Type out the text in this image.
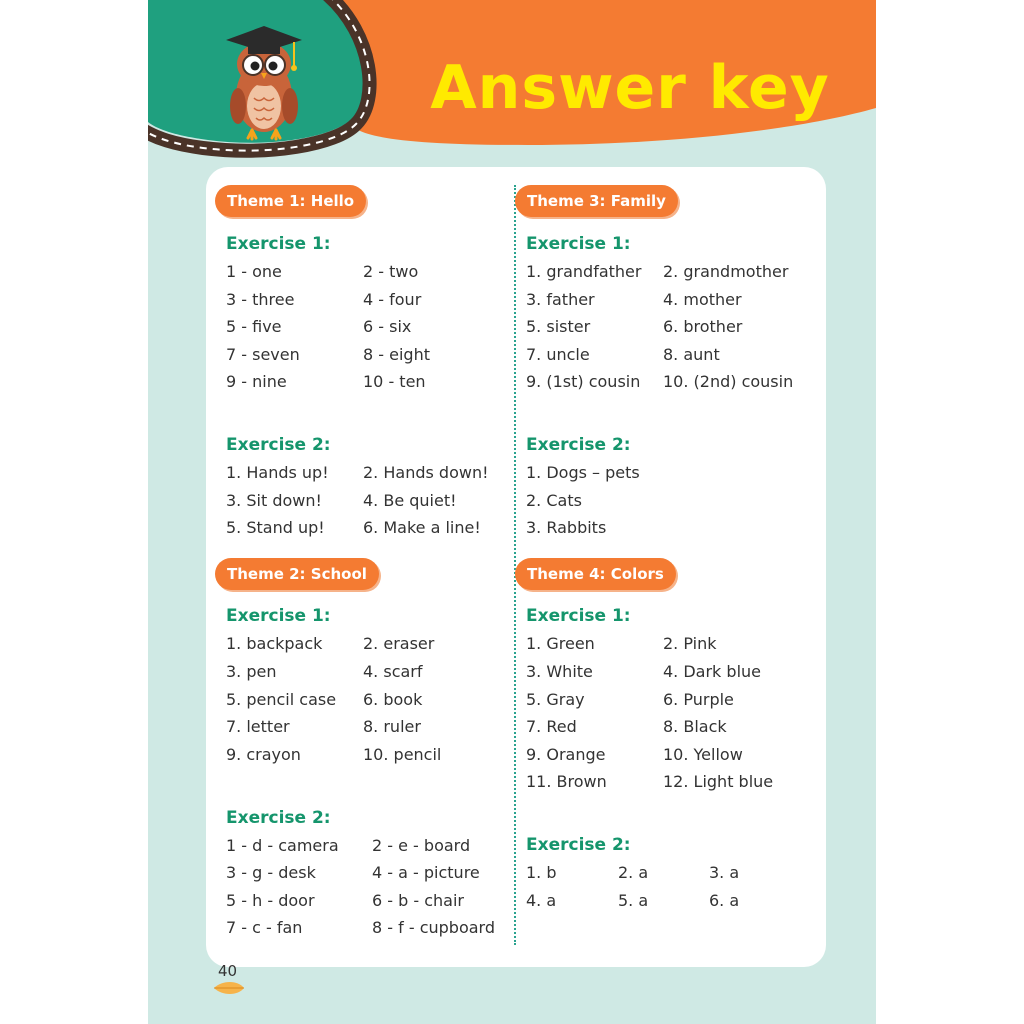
Answer key
Theme 1: Hello
Exercise 1:
1 - one	2 - two
3 - three	4 - four
5 - five	6 - six
7 - seven	8 - eight
9 - nine	10 - ten
Exercise 2:
1. Hands up! 2. Hands down!
3. Sit down!	4. Be quiet!
5. Stand up! 6. Make a line!
Theme 2: School
Exercise 1:
1. backpack	2. eraser
3. pen	4. scarf
5. pencil case 6. book
7. letter	8. ruler
9. crayon	10. pencil
Exercise 2:
1 - d - camera 2 - e - board
3 - g - desk	4 - a - picture
5 - h - door	6 - b - chair
7 - c - fan	8 - f - cupboard
Theme 3: Family
Exercise 1:
1. grandfather 2. grandmother
3. father	4. mother
5. sister	6. brother
7. uncle	8. aunt
9. (1st) cousin 10. (2nd) cousin
Exercise 2:
1. Dogs – pets
2. Cats
3. Rabbits
Theme 4: Colors
Exercise 1:
1. Green	2. Pink
3. White	4. Dark blue
5. Gray	6. Purple
7. Red	8. Black
9. Orange	10. Yellow
11. Brown	12. Light blue
Exercise 2:
1. b	2. a	3. a
4. a	5. a	6. a
40
